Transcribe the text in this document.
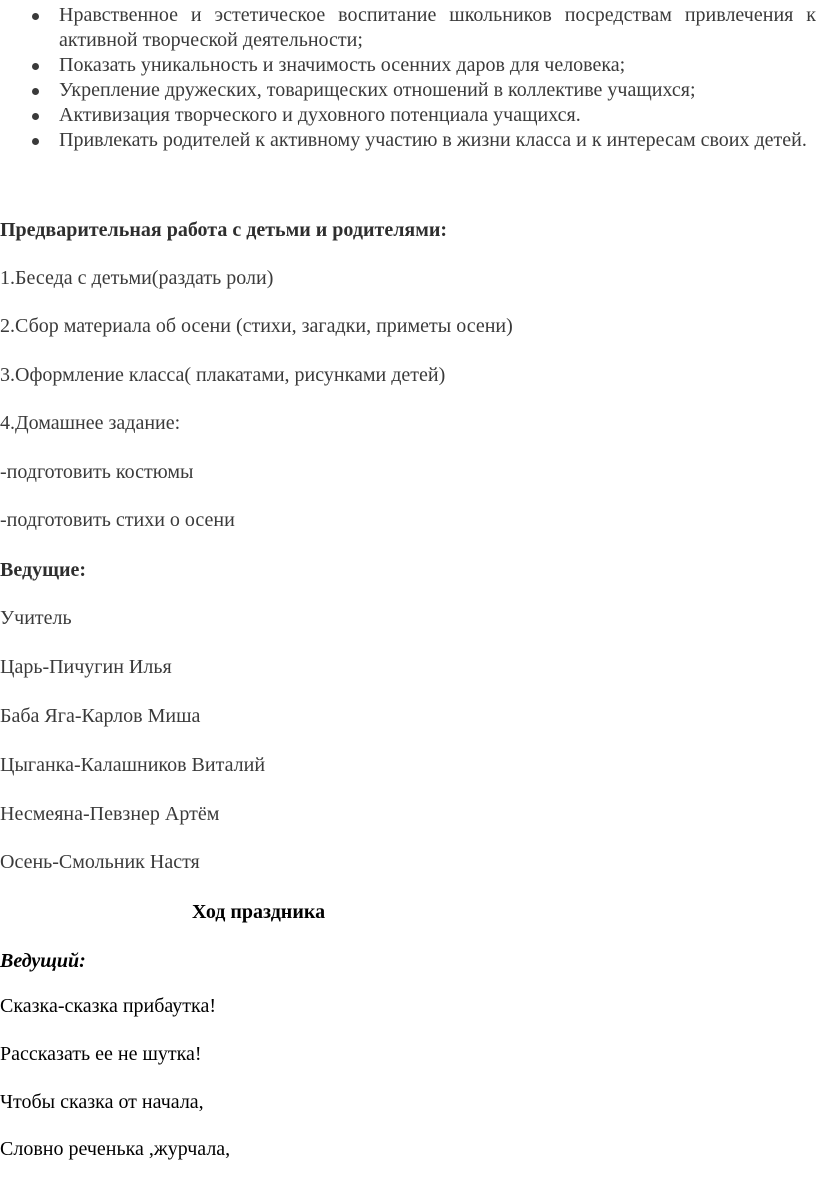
Нравственное и эстетическое воспитание школьников посредствам привлечения к активной творческой деятельности;
Показать уникальность и значимость осенних даров для человека;
Укрепление дружеских, товарищеских отношений в коллективе учащихся;
Активизация творческого и духовного потенциала учащихся.
Привлекать родителей к активному участию в жизни класса и к интересам своих детей.

Предварительная работа с детьми и родителями:

1.Беседа с детьми(раздать роли)

2.Сбор материала об осени (стихи, загадки, приметы осени)

3.Оформление класса( плакатами, рисунками детей)

4.Домашнее задание:

-подготовить костюмы

-подготовить стихи о осени

Ведущие:

Учитель

Царь-Пичугин Илья

Баба Яга-Карлов Миша

Цыганка-Калашников Виталий

Несмеяна-Певзнер Артём

Осень-Смольник Настя

Ход праздника

Ведущий:

Сказка-сказка прибаутка!

Рассказать ее не шутка!

Чтобы сказка от начала,

Словно реченька ,журчала,
